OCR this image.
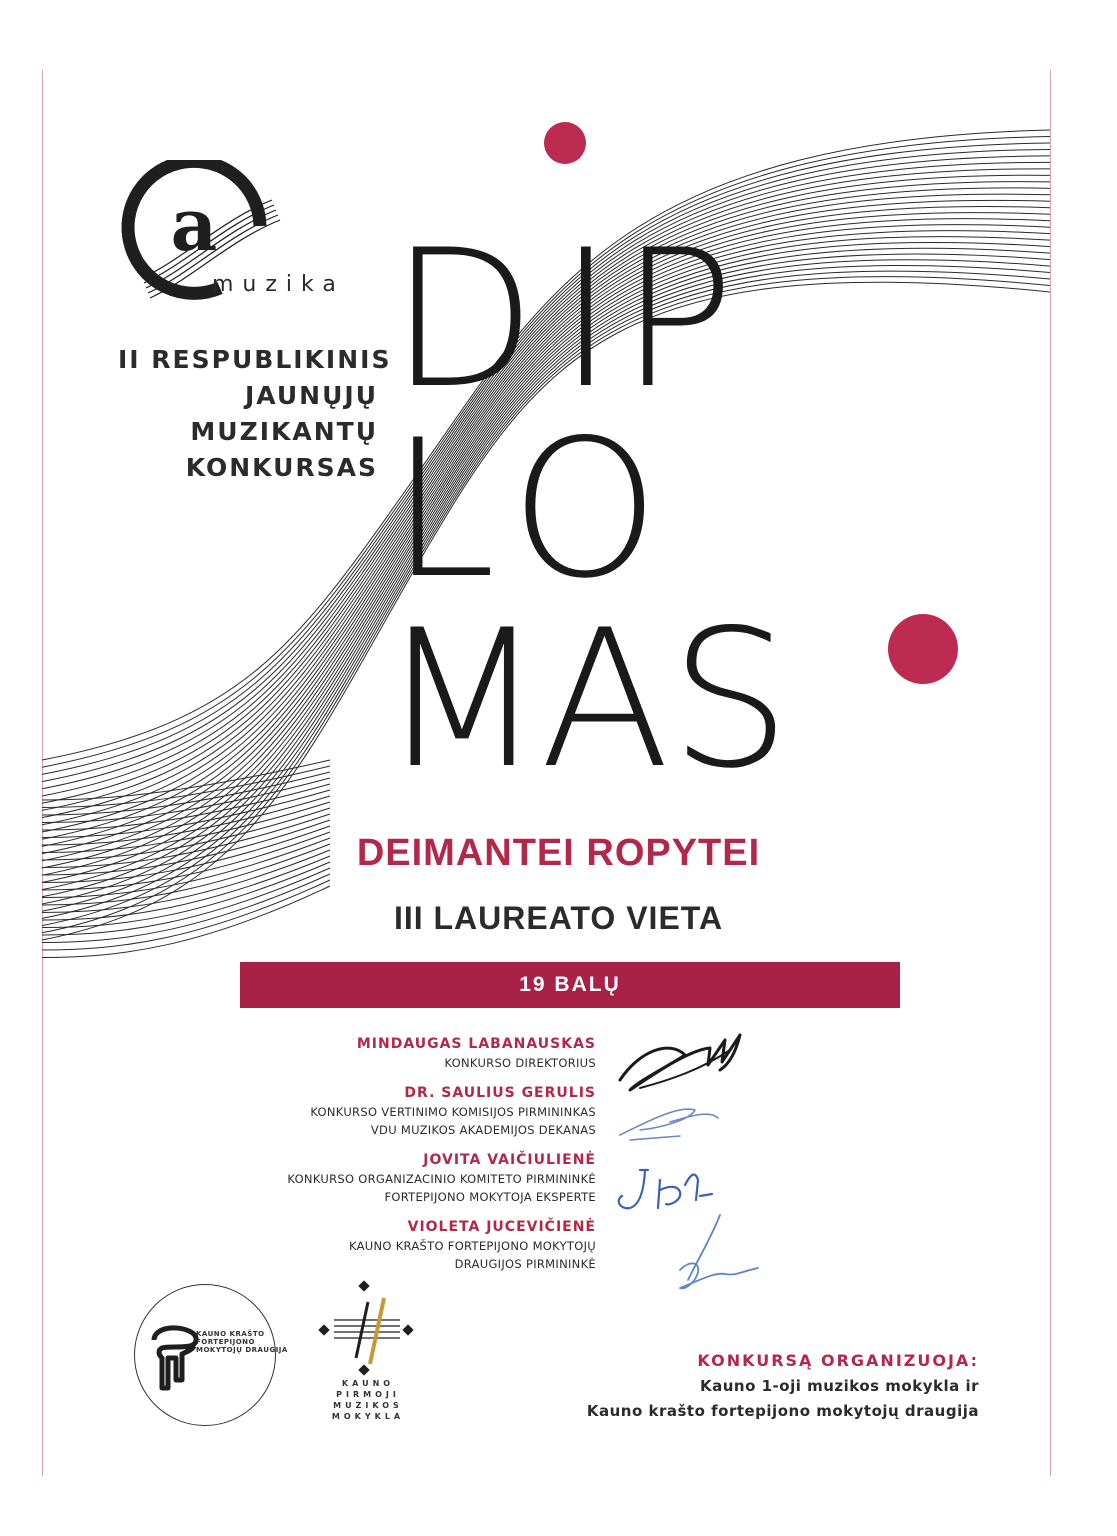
a
muzika
II RESPUBLIKINIS
JAUNŲJŲ
MUZIKANTŲ
KONKURSAS
D I P
L O
M
A S
DEIMANTEI ROPYTEI
III LAUREATO VIETA
19 BALŲ
MINDAUGAS LABANAUSKAS
KONKURSO DIREKTORIUS
DR. SAULIUS GERULIS
KONKURSO VERTINIMO KOMISIJOS PIRMININKAS
VDU MUZIKOS AKADEMIJOS DEKANAS
JOVITA VAIČIULIENĖ
KONKURSO ORGANIZACINIO KOMITETO PIRMININKĖ
FORTEPIJONO MOKYTOJA EKSPERTE
VIOLETA JUCEVIČIENĖ
KAUNO KRAŠTO FORTEPIJONO MOKYTOJŲ
DRAUGIJOS PIRMININKĖ
KAUNO KRAŠTO
FORTEPIJONO
MOKYTOJŲ DRAUGIJA
KAUNO
PIRMOJI
MUZIKOS
MOKYKLA
KONKURSĄ ORGANIZUOJA:
Kauno 1-oji muzikos mokykla ir
Kauno krašto fortepijono mokytojų draugija
